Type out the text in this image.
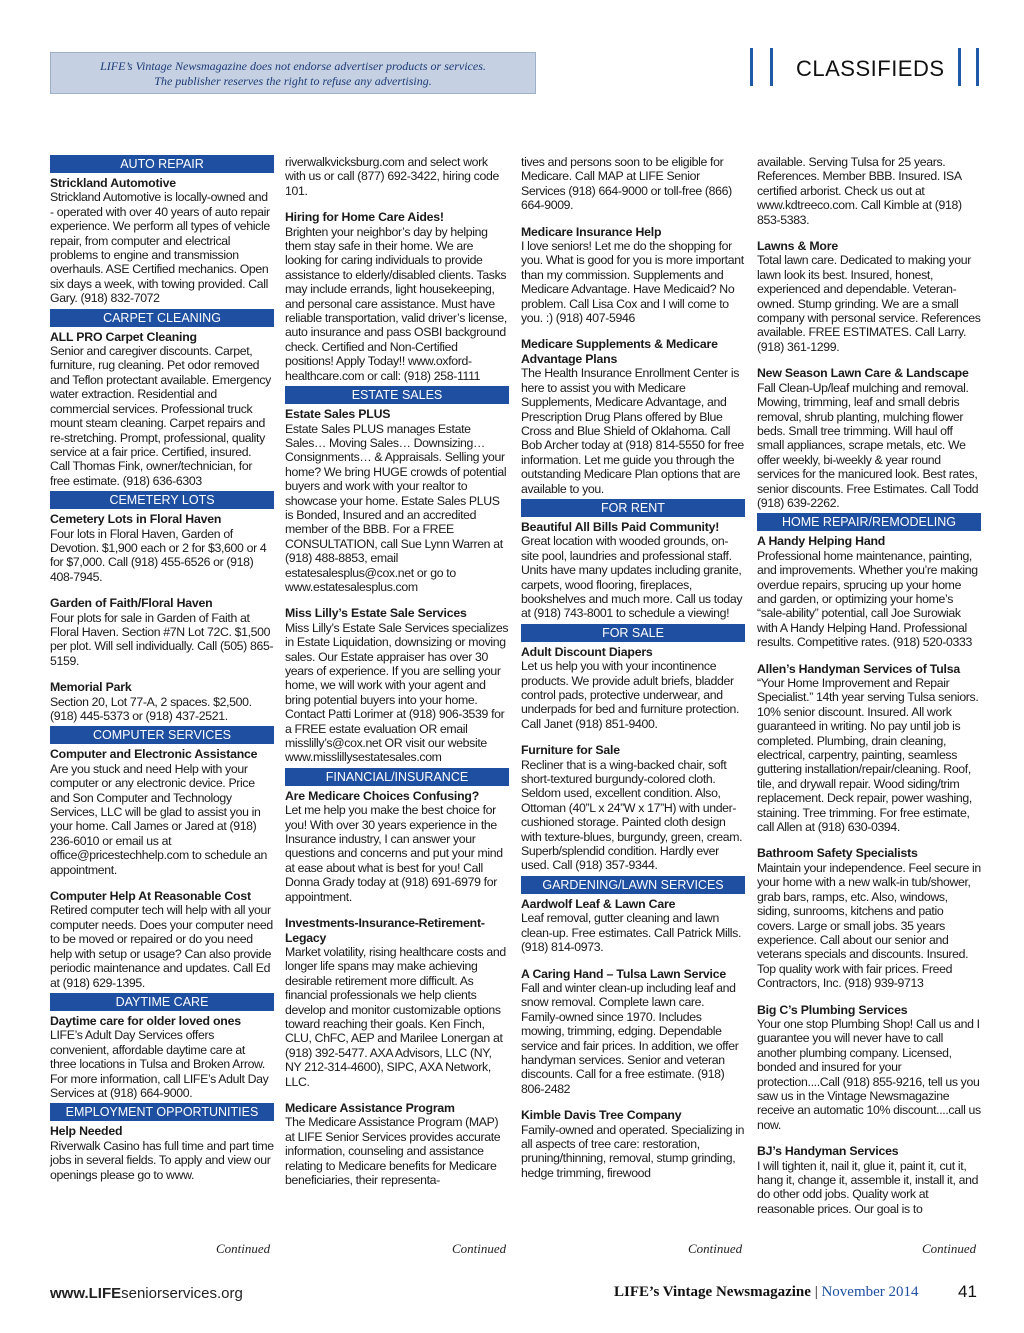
LIFE’s Vintage Newsmagazine does not endorse advertiser products or services.
The publisher reserves the right to refuse any advertising.	CLASSIFIEDS
AUTO REPAIR
Strickland Automotive
Strickland Automotive is locally-owned and - operated with over 40 years of auto repair experience. We perform all types of vehicle repair, from computer and electrical problems to engine and transmission overhauls. ASE Certified mechanics. Open six days a week, with towing provided. Call Gary. (918) 832-7072
CARPET CLEANING
ALL PRO Carpet Cleaning
Senior and caregiver discounts. Carpet, furniture, rug cleaning. Pet odor removed and Teflon protectant available. Emergency water extraction. Residential and commercial services. Professional truck mount steam cleaning. Carpet repairs and re-stretching. Prompt, professional, quality service at a fair price. Certified, insured. Call Thomas Fink, owner/technician, for free estimate. (918) 636-6303
CEMETERY LOTS
Cemetery Lots in Floral Haven
Four lots in Floral Haven, Garden of Devotion. $1,900 each or 2 for $3,600 or 4 for $7,000. Call (918) 455-6526 or (918) 408-7945.
Garden of Faith/Floral Haven
Four plots for sale in Garden of Faith at Floral Haven. Section #7N Lot 72C. $1,500 per plot. Will sell individually. Call (505) 865-5159.
Memorial Park
Section 20, Lot 77-A, 2 spaces. $2,500. (918) 445-5373 or (918) 437-2521.
COMPUTER SERVICES
Computer and Electronic Assistance
Are you stuck and need Help with your computer or any electronic device. Price and Son Computer and Technology Services, LLC will be glad to assist you in your home. Call James or Jared at (918) 236-6010 or email us at office@pricestechhelp.com to schedule an appointment.
Computer Help At Reasonable Cost
Retired computer tech will help with all your computer needs. Does your computer need to be moved or repaired or do you need help with setup or usage? Can also provide periodic maintenance and updates. Call Ed at (918) 629-1395.
DAYTIME CARE
Daytime care for older loved ones
LIFE’s Adult Day Services offers convenient, affordable daytime care at three locations in Tulsa and Broken Arrow. For more information, call LIFE’s Adult Day Services at (918) 664-9000.
EMPLOYMENT OPPORTUNITIES
Help Needed
Riverwalk Casino has full time and part time jobs in several fields. To apply and view our openings please go to www.
riverwalkvicksburg.com and select work with us or call (877) 692-3422, hiring code 101.
Hiring for Home Care Aides!
Brighten your neighbor’s day by helping them stay safe in their home. We are looking for caring individuals to provide assistance to elderly/disabled clients. Tasks may include errands, light housekeeping, and personal care assistance. Must have reliable transportation, valid driver’s license, auto insurance and pass OSBI background check. Certified and Non-Certified positions! Apply Today!! www.oxford-healthcare.com or call: (918) 258-1111
ESTATE SALES
Estate Sales PLUS
Estate Sales PLUS manages Estate Sales… Moving Sales… Downsizing… Consignments… & Appraisals. Selling your home? We bring HUGE crowds of potential buyers and work with your realtor to showcase your home. Estate Sales PLUS is Bonded, Insured and an accredited member of the BBB. For a FREE CONSULTATION, call Sue Lynn Warren at (918) 488-8853, email estatesalesplus@cox.net or go to www.estatesalesplus.com
Miss Lilly’s Estate Sale Services
Miss Lilly’s Estate Sale Services specializes in Estate Liquidation, downsizing or moving sales. Our Estate appraiser has over 30 years of experience. If you are selling your home, we will work with your agent and bring potential buyers into your home. Contact Patti Lorimer at (918) 906-3539 for a FREE estate evaluation OR email misslilly’s@cox.net OR visit our website www.misslillysestatesales.com
FINANCIAL/INSURANCE
Are Medicare Choices Confusing?
Let me help you make the best choice for you! With over 30 years experience in the Insurance industry, I can answer your questions and concerns and put your mind at ease about what is best for you! Call Donna Grady today at (918) 691-6979 for appointment.
Investments-Insurance-Retirement-Legacy
Market volatility, rising healthcare costs and longer life spans may make achieving desirable retirement more difficult. As financial professionals we help clients develop and monitor customizable options toward reaching their goals. Ken Finch, CLU, ChFC, AEP and Marilee Lonergan at (918) 392-5477. AXA Advisors, LLC (NY, NY 212-314-4600), SIPC, AXA Network, LLC.
Medicare Assistance Program
The Medicare Assistance Program (MAP) at LIFE Senior Services provides accurate information, counseling and assistance relating to Medicare benefits for Medicare beneficiaries, their representa-
tives and persons soon to be eligible for Medicare. Call MAP at LIFE Senior Services (918) 664-9000 or toll-free (866) 664-9009.
Medicare Insurance Help
I love seniors! Let me do the shopping for you. What is good for you is more important than my commission. Supplements and Medicare Advantage. Have Medicaid? No problem. Call Lisa Cox and I will come to you. :) (918) 407-5946
Medicare Supplements & Medicare Advantage Plans
The Health Insurance Enrollment Center is here to assist you with Medicare Supplements, Medicare Advantage, and Prescription Drug Plans offered by Blue Cross and Blue Shield of Oklahoma. Call Bob Archer today at (918) 814-5550 for free information. Let me guide you through the outstanding Medicare Plan options that are available to you.
FOR RENT
Beautiful All Bills Paid Community!
Great location with wooded grounds, on-site pool, laundries and professional staff. Units have many updates including granite, carpets, wood flooring, fireplaces, bookshelves and much more. Call us today at (918) 743-8001 to schedule a viewing!
FOR SALE
Adult Discount Diapers
Let us help you with your incontinence products. We provide adult briefs, bladder control pads, protective underwear, and underpads for bed and furniture protection. Call Janet (918) 851-9400.
Furniture for Sale
Recliner that is a wing-backed chair, soft short-textured burgundy-colored cloth. Seldom used, excellent condition. Also, Ottoman (40”L x 24”W x 17”H) with under-cushioned storage. Painted cloth design with texture-blues, burgundy, green, cream. Superb/splendid condition. Hardly ever used. Call (918) 357-9344.
GARDENING/LAWN SERVICES
Aardwolf Leaf & Lawn Care
Leaf removal, gutter cleaning and lawn clean-up. Free estimates. Call Patrick Mills. (918) 814-0973.
A Caring Hand – Tulsa Lawn Service
Fall and winter clean-up including leaf and snow removal. Complete lawn care. Family-owned since 1970. Includes mowing, trimming, edging. Dependable service and fair prices. In addition, we offer handyman services. Senior and veteran discounts. Call for a free estimate. (918) 806-2482
Kimble Davis Tree Company
Family-owned and operated. Specializing in all aspects of tree care: restoration, pruning/thinning, removal, stump grinding, hedge trimming, firewood
available. Serving Tulsa for 25 years. References. Member BBB. Insured. ISA certified arborist. Check us out at www.kdtreeco.com. Call Kimble at (918) 853-5383.
Lawns & More
Total lawn care. Dedicated to making your lawn look its best. Insured, honest, experienced and dependable. Veteran-owned. Stump grinding. We are a small company with personal service. References available. FREE ESTIMATES. Call Larry. (918) 361-1299.
New Season Lawn Care & Landscape
Fall Clean-Up/leaf mulching and removal. Mowing, trimming, leaf and small debris removal, shrub planting, mulching flower beds. Small tree trimming. Will haul off small appliances, scrape metals, etc. We offer weekly, bi-weekly & year round services for the manicured look. Best rates, senior discounts. Free Estimates. Call Todd (918) 639-2262.
HOME REPAIR/REMODELING
A Handy Helping Hand
Professional home maintenance, painting, and improvements. Whether you’re making overdue repairs, sprucing up your home and garden, or optimizing your home’s “sale-ability” potential, call Joe Surowiak with A Handy Helping Hand. Professional results. Competitive rates. (918) 520-0333
Allen’s Handyman Services of Tulsa
“Your Home Improvement and Repair Specialist.” 14th year serving Tulsa seniors. 10% senior discount. Insured. All work guaranteed in writing. No pay until job is completed. Plumbing, drain cleaning, electrical, carpentry, painting, seamless guttering installation/repair/cleaning. Roof, tile, and drywall repair. Wood siding/trim replacement. Deck repair, power washing, staining. Tree trimming. For free estimate, call Allen at (918) 630-0394.
Bathroom Safety Specialists
Maintain your independence. Feel secure in your home with a new walk-in tub/shower, grab bars, ramps, etc. Also, windows, siding, sunrooms, kitchens and patio covers. Large or small jobs. 35 years experience. Call about our senior and veterans specials and discounts. Insured. Top quality work with fair prices. Freed Contractors, Inc. (918) 939-9713
Big C’s Plumbing Services
Your one stop Plumbing Shop! Call us and I guarantee you will never have to call another plumbing company. Licensed, bonded and insured for your protection....Call (918) 855-9216, tell us you saw us in the Vintage Newsmagazine receive an automatic 10% discount....call us now.
BJ’s Handyman Services
I will tighten it, nail it, glue it, paint it, cut it, hang it, change it, assemble it, install it, and do other odd jobs. Quality work at reasonable prices. Our goal is to
Continued	Continued	Continued	Continued
www.LIFEseniorservices.org	LIFE’s Vintage Newsmagazine | November 2014 41
